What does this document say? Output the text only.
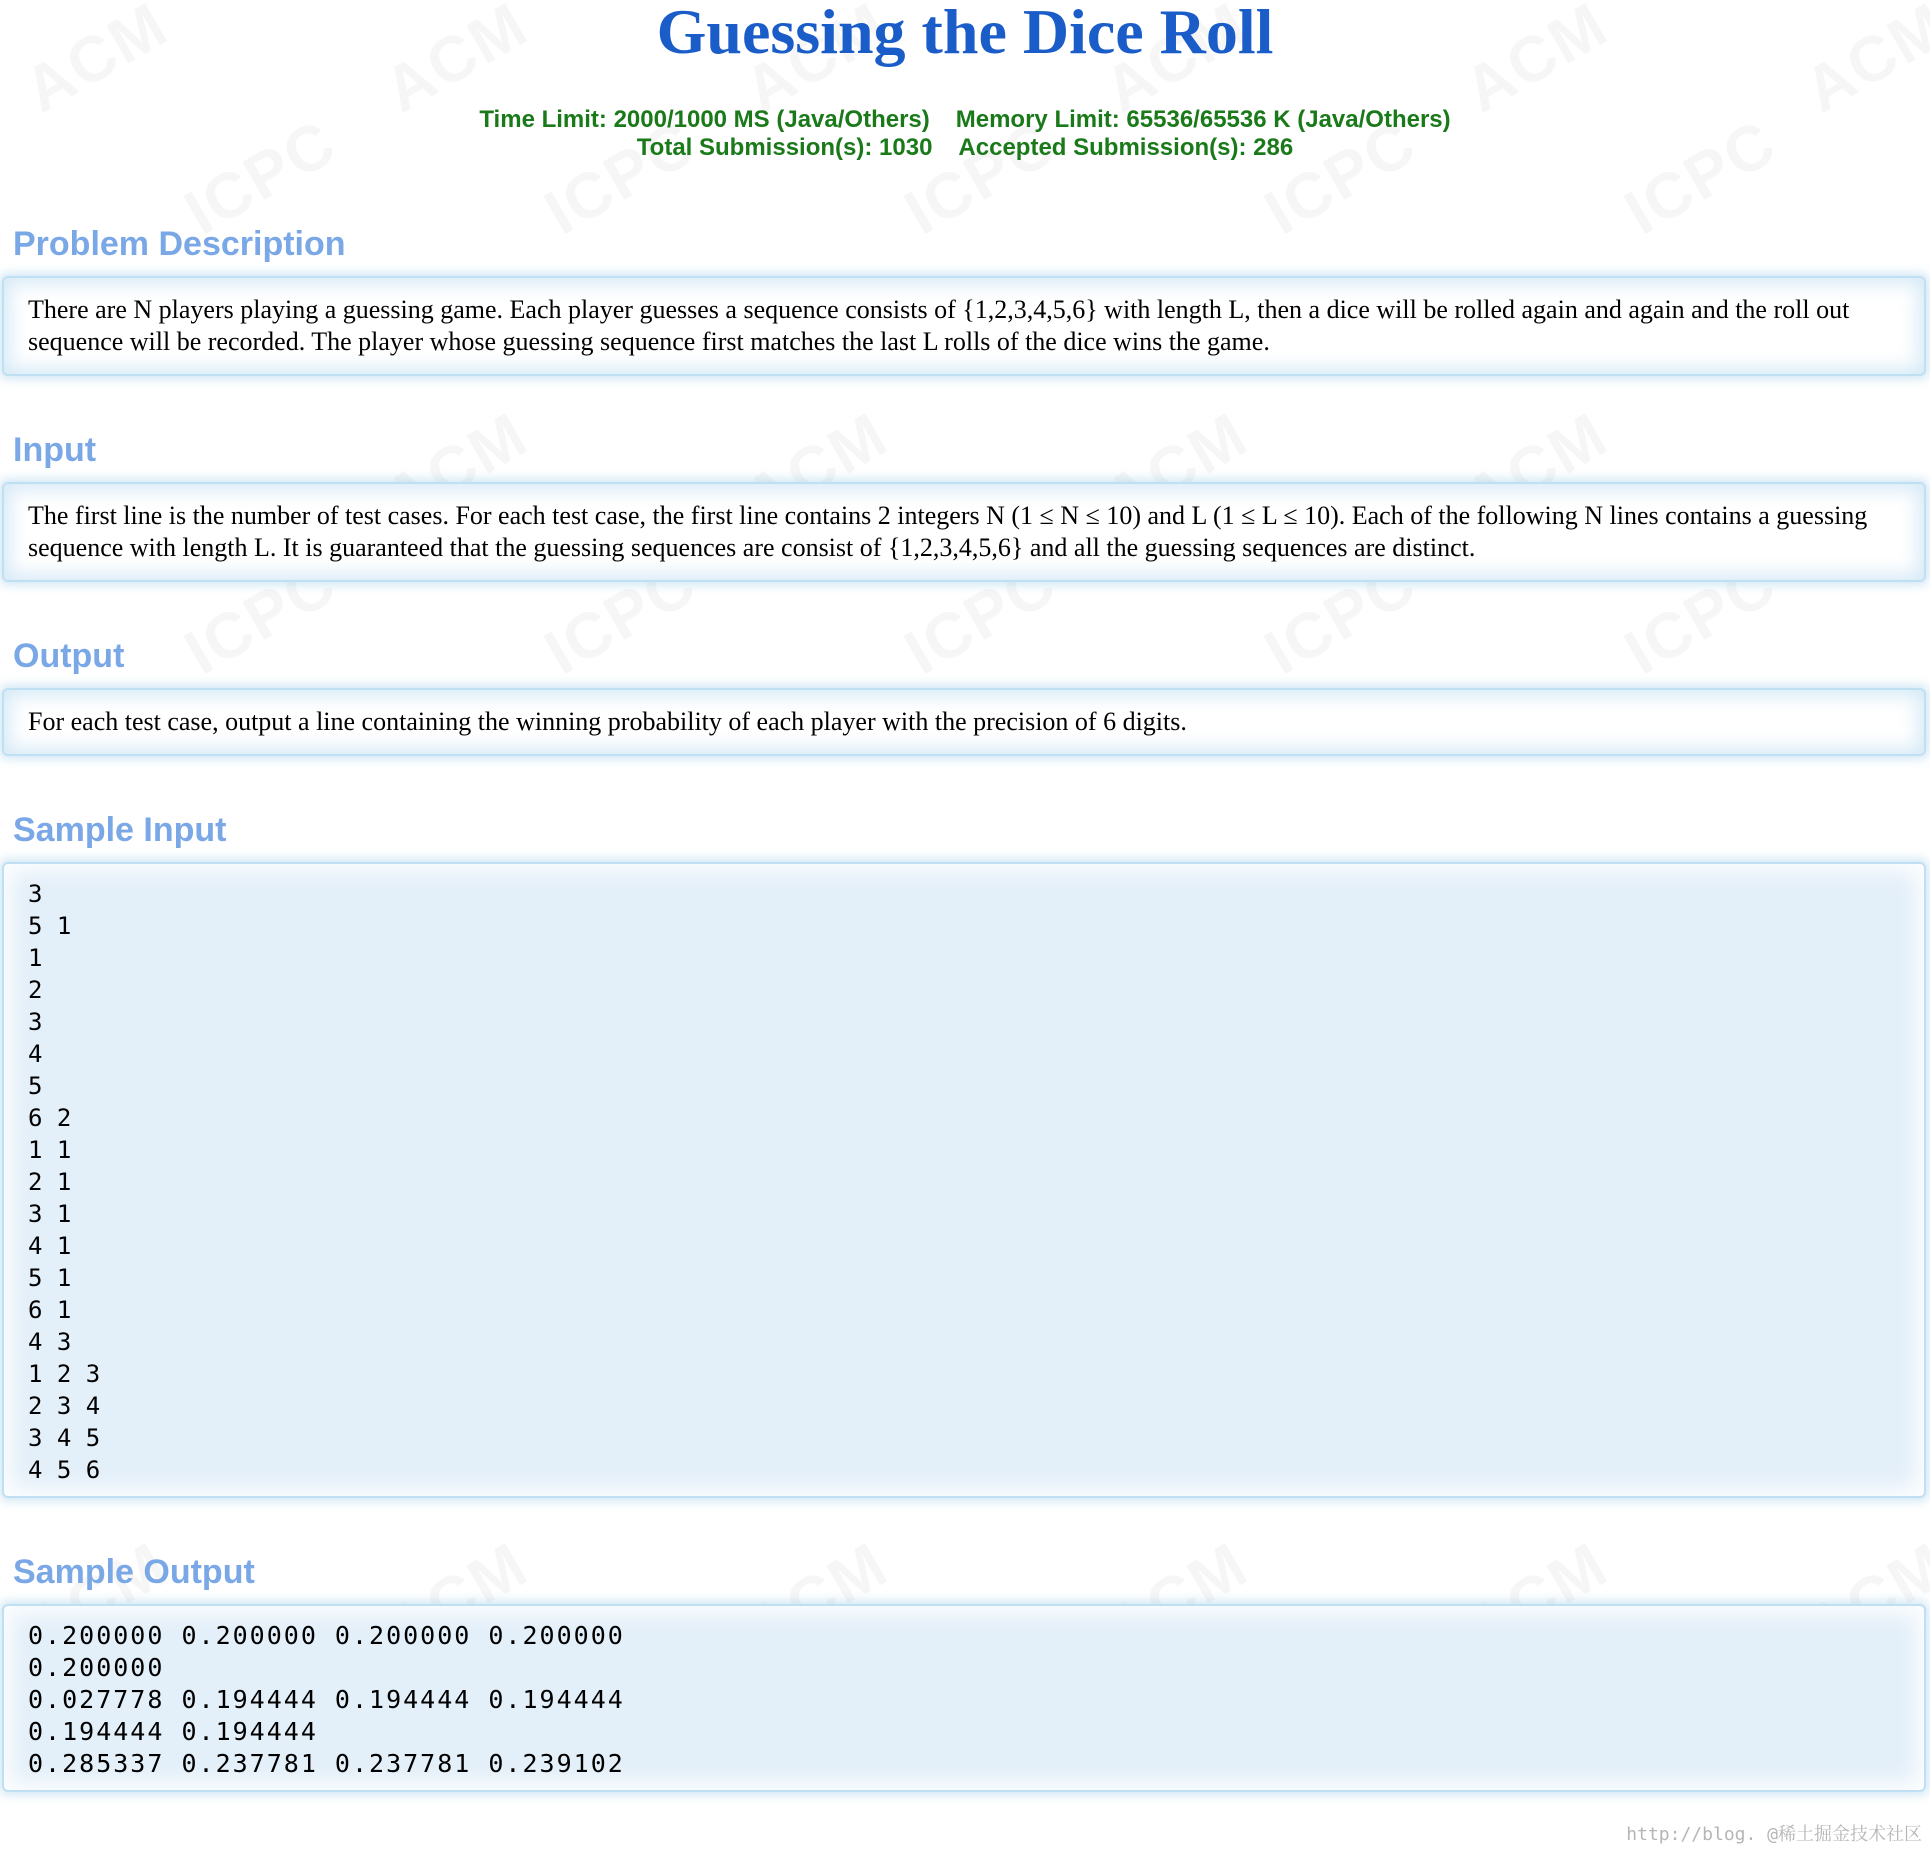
Guessing the Dice Roll
Time Limit: 2000/1000 MS (Java/Others) Memory Limit: 65536/65536 K (Java/Others)
Total Submission(s): 1030 Accepted Submission(s): 286
Problem Description
There are N players playing a guessing game. Each player guesses a sequence consists of {1,2,3,4,5,6} with length L, then a dice will be rolled again and again and the roll out sequence will be recorded. The player whose guessing sequence first matches the last L rolls of the dice wins the game.
Input
The first line is the number of test cases. For each test case, the first line contains 2 integers N (1 ≤ N ≤ 10) and L (1 ≤ L ≤ 10). Each of the following N lines contains a guessing sequence with length L. It is guaranteed that the guessing sequences are consist of {1,2,3,4,5,6} and all the guessing sequences are distinct.
Output
For each test case, output a line containing the winning probability of each player with the precision of 6 digits.
Sample Input
3
5 1
1
2
3
4
5
6 2
1 1
2 1
3 1
4 1
5 1
6 1
4 3
1 2 3
2 3 4
3 4 5
4 5 6
Sample Output
0.200000 0.200000 0.200000 0.200000
0.200000
0.027778 0.194444 0.194444 0.194444
0.194444 0.194444
0.285337 0.237781 0.237781 0.239102
http://blog. @稀土掘金技术社区
